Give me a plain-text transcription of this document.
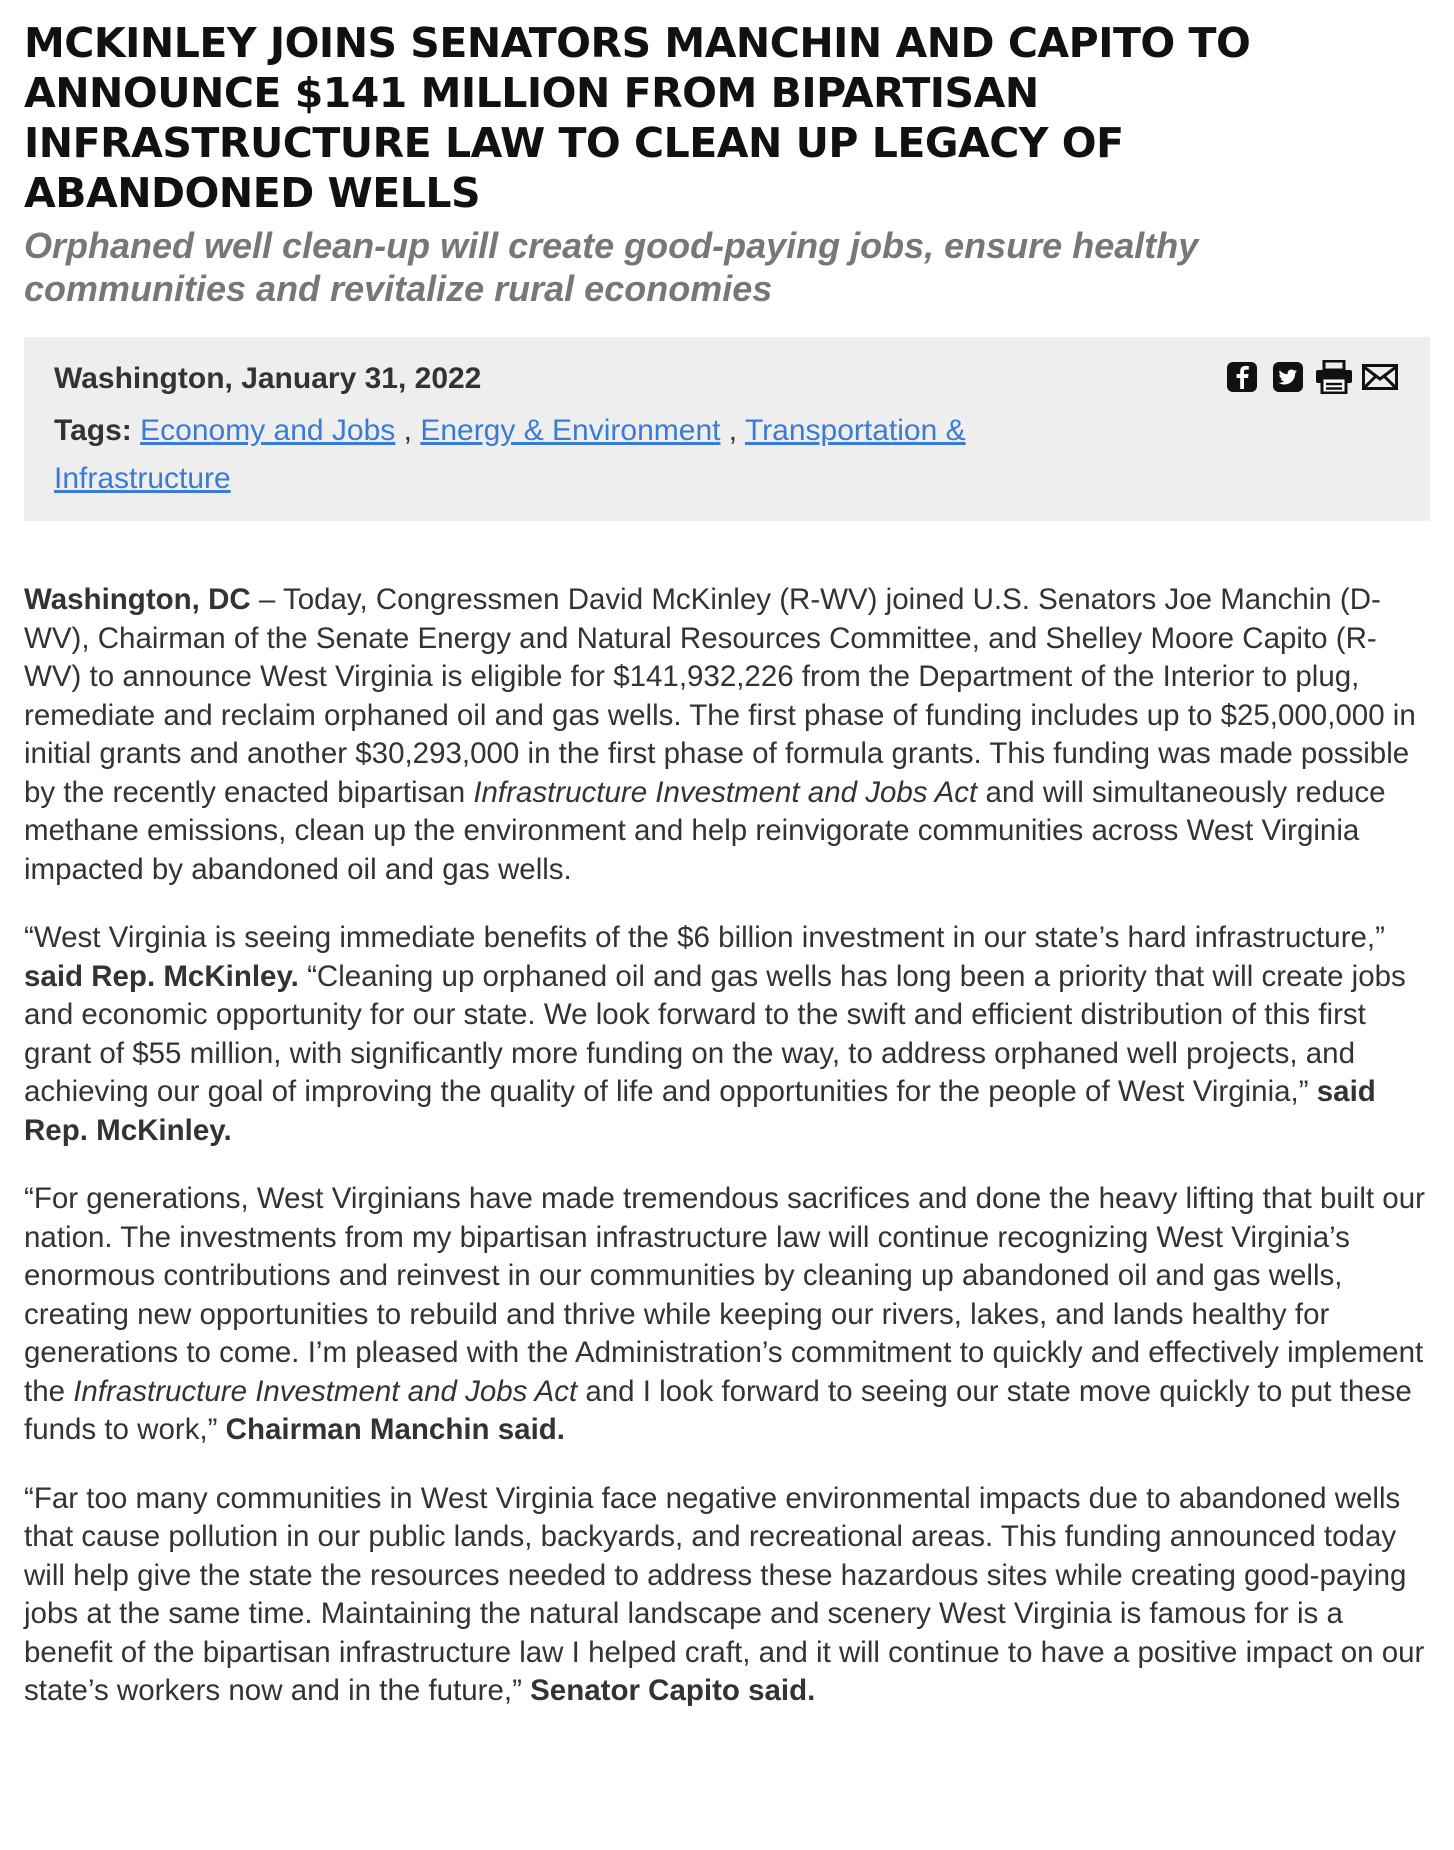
MCKINLEY JOINS SENATORS MANCHIN AND CAPITO TO ANNOUNCE $141 MILLION FROM BIPARTISAN INFRASTRUCTURE LAW TO CLEAN UP LEGACY OF ABANDONED WELLS
Orphaned well clean-up will create good-paying jobs, ensure healthy communities and revitalize rural economies
Washington, January 31, 2022
Tags: Economy and Jobs , Energy & Environment , Transportation & Infrastructure

Washington, DC – Today, Congressmen David McKinley (R-WV) joined U.S. Senators Joe Manchin (D-WV), Chairman of the Senate Energy and Natural Resources Committee, and Shelley Moore Capito (R-WV) to announce West Virginia is eligible for $141,932,226 from the Department of the Interior to plug, remediate and reclaim orphaned oil and gas wells. The first phase of funding includes up to $25,000,000 in initial grants and another $30,293,000 in the first phase of formula grants. This funding was made possible by the recently enacted bipartisan Infrastructure Investment and Jobs Act and will simultaneously reduce methane emissions, clean up the environment and help reinvigorate communities across West Virginia impacted by abandoned oil and gas wells.

“West Virginia is seeing immediate benefits of the $6 billion investment in our state’s hard infrastructure,” said Rep. McKinley. “Cleaning up orphaned oil and gas wells has long been a priority that will create jobs and economic opportunity for our state. We look forward to the swift and efficient distribution of this first grant of $55 million, with significantly more funding on the way, to address orphaned well projects, and achieving our goal of improving the quality of life and opportunities for the people of West Virginia,” said Rep. McKinley.

“For generations, West Virginians have made tremendous sacrifices and done the heavy lifting that built our nation. The investments from my bipartisan infrastructure law will continue recognizing West Virginia’s enormous contributions and reinvest in our communities by cleaning up abandoned oil and gas wells, creating new opportunities to rebuild and thrive while keeping our rivers, lakes, and lands healthy for generations to come. I’m pleased with the Administration’s commitment to quickly and effectively implement the Infrastructure Investment and Jobs Act and I look forward to seeing our state move quickly to put these funds to work,” Chairman Manchin said.

“Far too many communities in West Virginia face negative environmental impacts due to abandoned wells that cause pollution in our public lands, backyards, and recreational areas. This funding announced today will help give the state the resources needed to address these hazardous sites while creating good-paying jobs at the same time. Maintaining the natural landscape and scenery West Virginia is famous for is a benefit of the bipartisan infrastructure law I helped craft, and it will continue to have a positive impact on our state’s workers now and in the future,” Senator Capito said.
